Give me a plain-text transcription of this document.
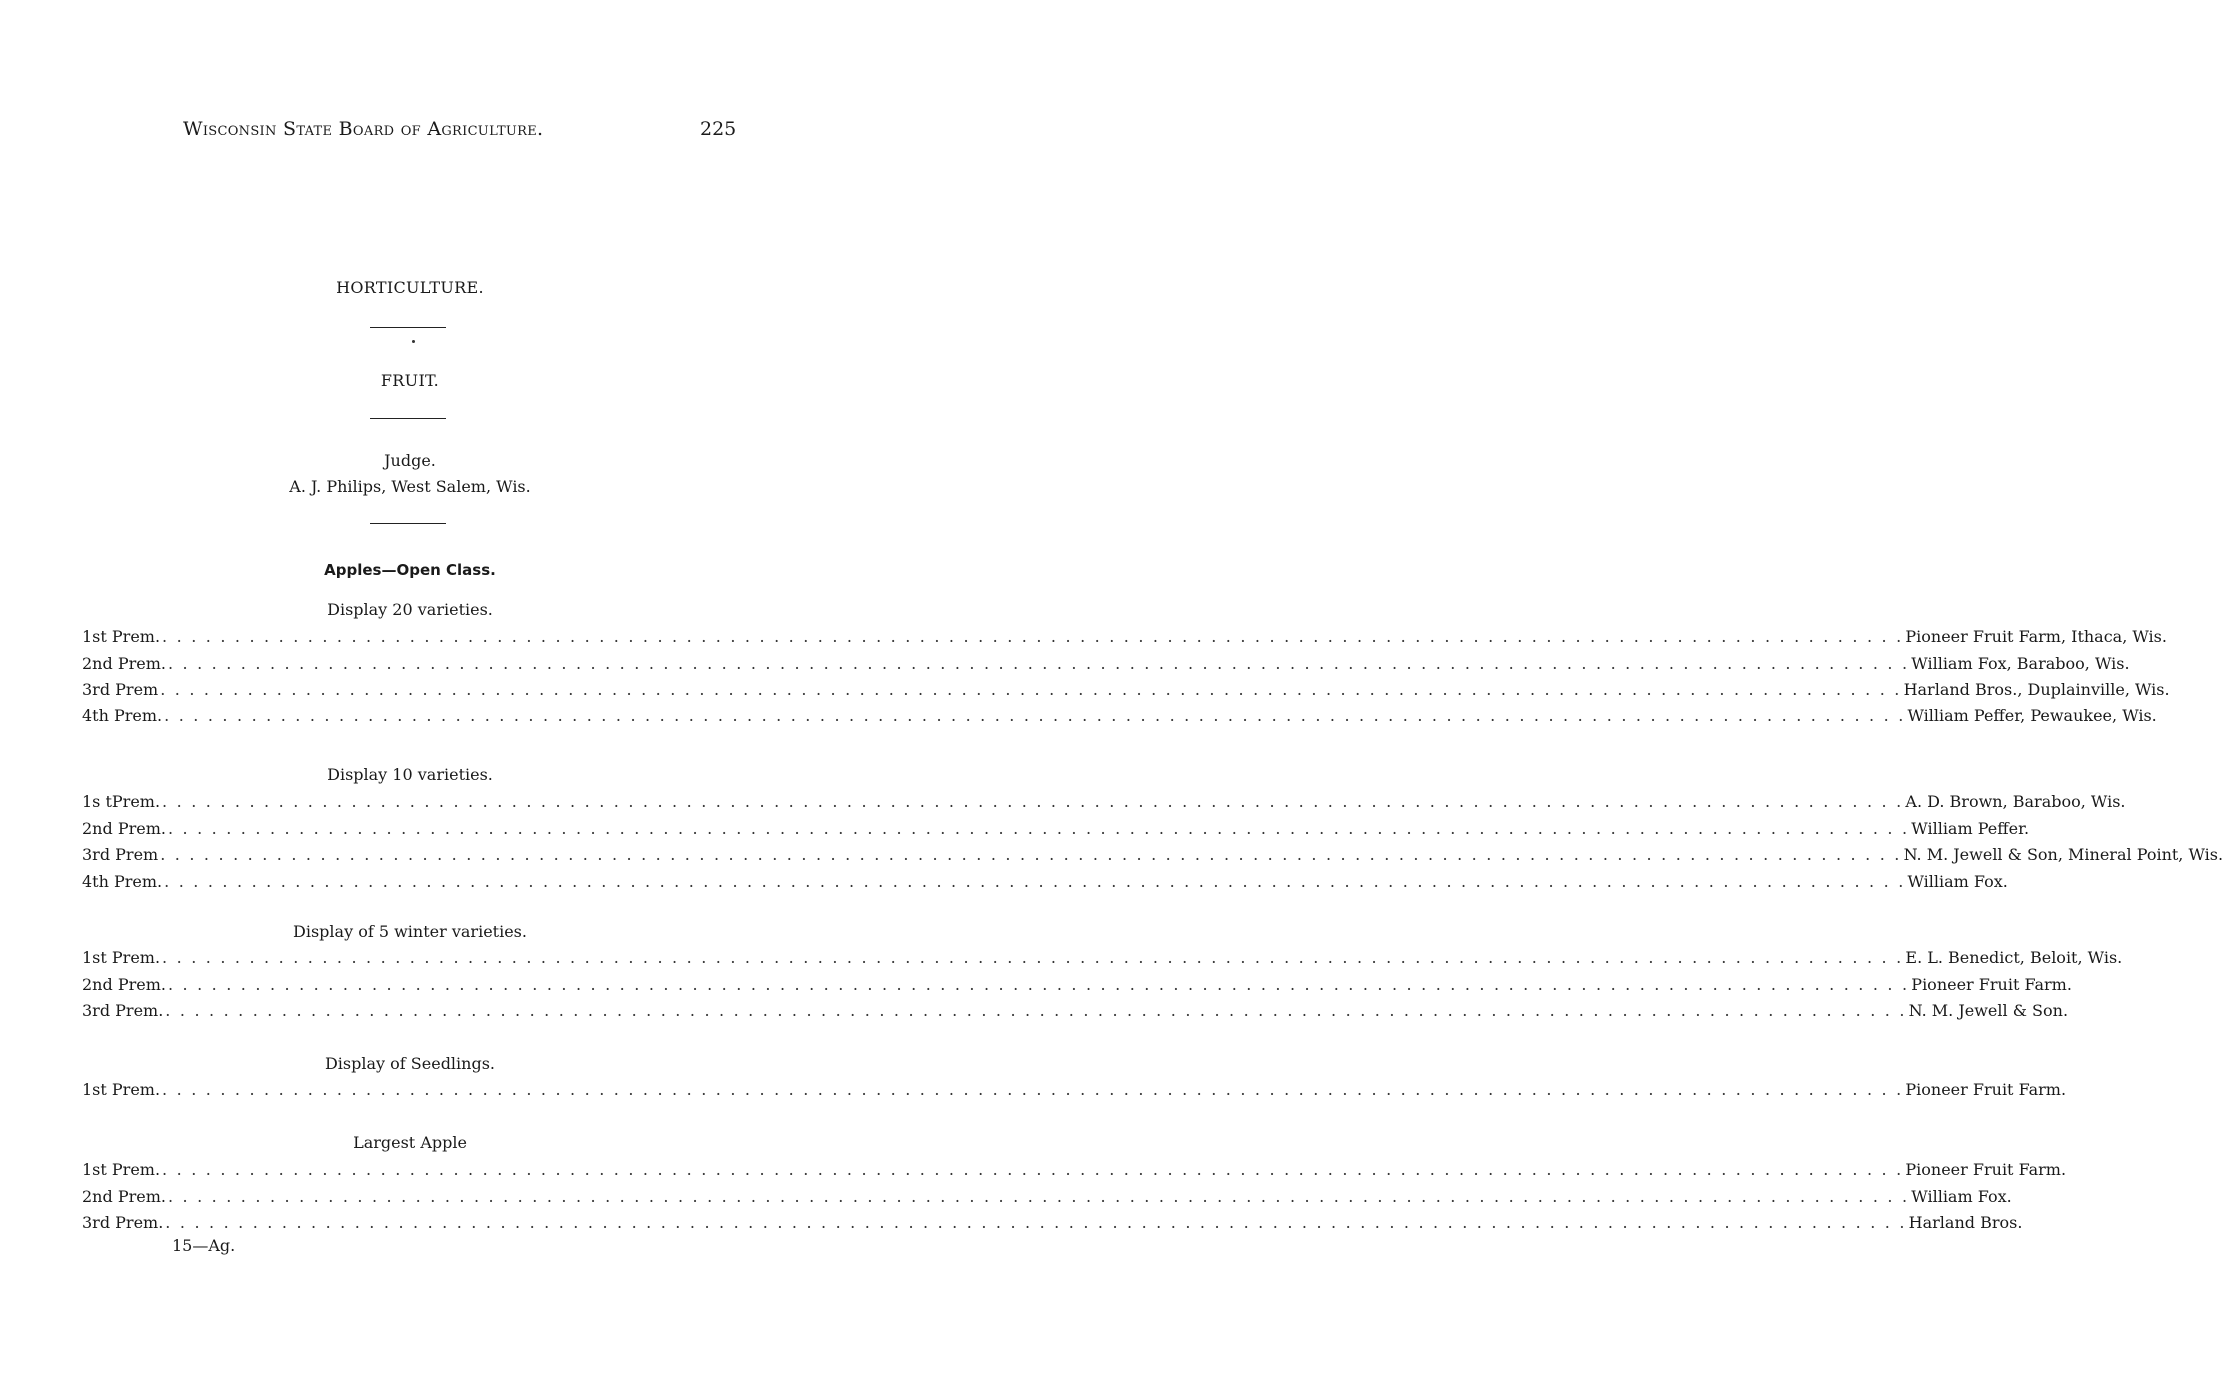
Wisconsin State Board of Agriculture.	225
HORTICULTURE.
FRUIT.
Judge.
A. J. Philips, West Salem, Wis.
Apples—Open Class.
Display 20 varieties.
1st Prem. . . . . . . . . . . . . . . . . . . . . . . . . . . . . . . . . . . . . . . . . . . . . . . . . . . . . . . . . . . . . . . . . . . . . . . . . . . . . . . . . . . . . . . . . . . . . . . . . . . . . . . . . . . . . . . . . . . . . . . . . Pioneer Fruit Farm, Ithaca, Wis.
2nd Prem. . . . . . . . . . . . . . . . . . . . . . . . . . . . . . . . . . . . . . . . . . . . . . . . . . . . . . . . . . . . . . . . . . . . . . . . . . . . . . . . . . . . . . . . . . . . . . . . . . . . . . . . . . . . . . . . . . . . . . . . . William Fox, Baraboo, Wis.
3rd Prem . . . . . . . . . . . . . . . . . . . . . . . . . . . . . . . . . . . . . . . . . . . . . . . . . . . . . . . . . . . . . . . . . . . . . . . . . . . . . . . . . . . . . . . . . . . . . . . . . . . . . . . . . . . . . . . . . . . . . . . . Harland Bros., Duplainville, Wis.
4th Prem. . . . . . . . . . . . . . . . . . . . . . . . . . . . . . . . . . . . . . . . . . . . . . . . . . . . . . . . . . . . . . . . . . . . . . . . . . . . . . . . . . . . . . . . . . . . . . . . . . . . . . . . . . . . . . . . . . . . . . . . . William Peffer, Pewaukee, Wis.
Display 10 varieties.
1s tPrem. . . . . . . . . . . . . . . . . . . . . . . . . . . . . . . . . . . . . . . . . . . . . . . . . . . . . . . . . . . . . . . . . . . . . . . . . . . . . . . . . . . . . . . . . . . . . . . . . . . . . . . . . . . . . . . . . . . . . . . . . A. D. Brown, Baraboo, Wis.
2nd Prem. . . . . . . . . . . . . . . . . . . . . . . . . . . . . . . . . . . . . . . . . . . . . . . . . . . . . . . . . . . . . . . . . . . . . . . . . . . . . . . . . . . . . . . . . . . . . . . . . . . . . . . . . . . . . . . . . . . . . . . . . William Peffer.
3rd Prem . . . . . . . . . . . . . . . . . . . . . . . . . . . . . . . . . . . . . . . . . . . . . . . . . . . . . . . . . . . . . . . . . . . . . . . . . . . . . . . . . . . . . . . . . . . . . . . . . . . . . . . . . . . . . . . . . . . . . . . . N. M. Jewell & Son, Mineral Point, Wis.
4th Prem. . . . . . . . . . . . . . . . . . . . . . . . . . . . . . . . . . . . . . . . . . . . . . . . . . . . . . . . . . . . . . . . . . . . . . . . . . . . . . . . . . . . . . . . . . . . . . . . . . . . . . . . . . . . . . . . . . . . . . . . . William Fox.
Display of 5 winter varieties.
1st Prem. . . . . . . . . . . . . . . . . . . . . . . . . . . . . . . . . . . . . . . . . . . . . . . . . . . . . . . . . . . . . . . . . . . . . . . . . . . . . . . . . . . . . . . . . . . . . . . . . . . . . . . . . . . . . . . . . . . . . . . . . E. L. Benedict, Beloit, Wis.
2nd Prem. . . . . . . . . . . . . . . . . . . . . . . . . . . . . . . . . . . . . . . . . . . . . . . . . . . . . . . . . . . . . . . . . . . . . . . . . . . . . . . . . . . . . . . . . . . . . . . . . . . . . . . . . . . . . . . . . . . . . . . . . Pioneer Fruit Farm.
3rd Prem. . . . . . . . . . . . . . . . . . . . . . . . . . . . . . . . . . . . . . . . . . . . . . . . . . . . . . . . . . . . . . . . . . . . . . . . . . . . . . . . . . . . . . . . . . . . . . . . . . . . . . . . . . . . . . . . . . . . . . . . . N. M. Jewell & Son.
Display of Seedlings.
1st Prem. . . . . . . . . . . . . . . . . . . . . . . . . . . . . . . . . . . . . . . . . . . . . . . . . . . . . . . . . . . . . . . . . . . . . . . . . . . . . . . . . . . . . . . . . . . . . . . . . . . . . . . . . . . . . . . . . . . . . . . . . Pioneer Fruit Farm.
Largest Apple
1st Prem. . . . . . . . . . . . . . . . . . . . . . . . . . . . . . . . . . . . . . . . . . . . . . . . . . . . . . . . . . . . . . . . . . . . . . . . . . . . . . . . . . . . . . . . . . . . . . . . . . . . . . . . . . . . . . . . . . . . . . . . . Pioneer Fruit Farm.
2nd Prem. . . . . . . . . . . . . . . . . . . . . . . . . . . . . . . . . . . . . . . . . . . . . . . . . . . . . . . . . . . . . . . . . . . . . . . . . . . . . . . . . . . . . . . . . . . . . . . . . . . . . . . . . . . . . . . . . . . . . . . . . William Fox.
3rd Prem. . . . . . . . . . . . . . . . . . . . . . . . . . . . . . . . . . . . . . . . . . . . . . . . . . . . . . . . . . . . . . . . . . . . . . . . . . . . . . . . . . . . . . . . . . . . . . . . . . . . . . . . . . . . . . . . . . . . . . . . . Harland Bros.
15—Ag.
